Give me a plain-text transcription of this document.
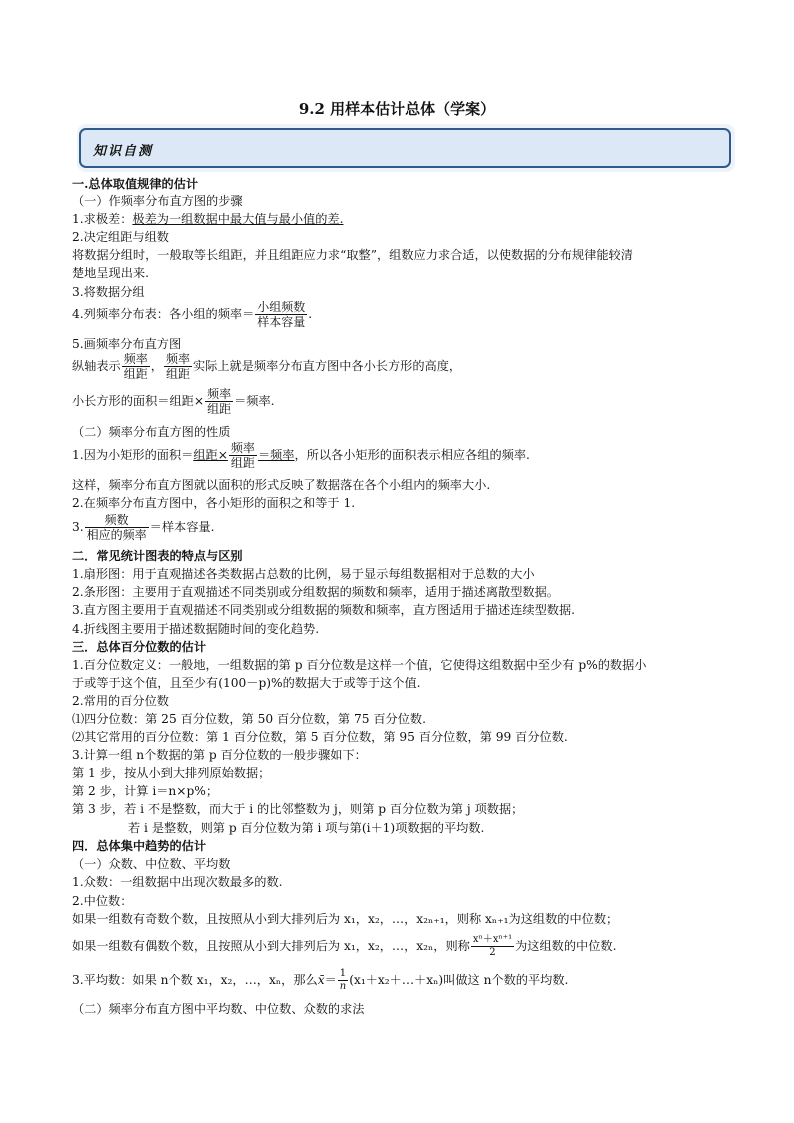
9.2 用样本估计总体（学案）
知识自测
一.总体取值规律的估计
（一）作频率分布直方图的步骤
1.求极差：极差为一组数据中最大值与最小值的差.
2.决定组距与组数
将数据分组时，一般取等长组距，并且组距应力求“取整”，组数应力求合适，以使数据的分布规律能较清
楚地呈现出来.
3.将数据分组
4.列频率分布表：各小组的频率＝ $\frac{\text{小组频数}}{\text{样本容量}}$ .
5.画频率分布直方图
纵轴表示 $\frac{\text{频率}}{\text{组距}}$ ， $\frac{\text{频率}}{\text{组距}}$ 实际上就是频率分布直方图中各小长方形的高度，
小长方形的面积＝组距× $\frac{\text{频率}}{\text{组距}}$ ＝频率.
（二）频率分布直方图的性质
1.因为小矩形的面积＝组距× $\frac{\text{频率}}{\text{组距}}$ ＝频率，所以各小矩形的面积表示相应各组的频率.
这样，频率分布直方图就以面积的形式反映了数据落在各个小组内的频率大小.
2.在频率分布直方图中，各小矩形的面积之和等于 1.
3. $\frac{\text{频数}}{\text{相应的频率}}$ ＝样本容量.
二．常见统计图表的特点与区别
1.扇形图：用于直观描述各类数据占总数的比例，易于显示每组数据相对于总数的大小
2.条形图：主要用于直观描述不同类别或分组数据的频数和频率，适用于描述离散型数据。
3.直方图主要用于直观描述不同类别或分组数据的频数和频率，直方图适用于描述连续型数据.
4.折线图主要用于描述数据随时间的变化趋势.
三．总体百分位数的估计
1.百分位数定义：一般地，一组数据的第 p 百分位数是这样一个值，它使得这组数据中至少有 p%的数据小
于或等于这个值，且至少有(100－p)%的数据大于或等于这个值.
2.常用的百分位数
⑴四分位数：第 25 百分位数，第 50 百分位数，第 75 百分位数.
⑵其它常用的百分位数：第 1 百分位数，第 5 百分位数，第 95 百分位数，第 99 百分位数.
3.计算一组 n个数据的第 p 百分位数的一般步骤如下：
第 1 步，按从小到大排列原始数据；
第 2 步，计算 i＝n×p%；
第 3 步，若 i 不是整数，而大于 i 的比邻整数为 j，则第 p 百分位数为第 j 项数据；
若 i 是整数，则第 p 百分位数为第 i 项与第(i＋1)项数据的平均数.
四．总体集中趋势的估计
（一）众数、中位数、平均数
1.众数：一组数据中出现次数最多的数.
2.中位数：
如果一组数有奇数个数，且按照从小到大排列后为 x₁，x₂，…，x₂ₙ₊₁，则称 xₙ₊₁为这组数的中位数；
如果一组数有偶数个数，且按照从小到大排列后为 x₁，x₂，…，x₂ₙ，则称 $\frac{\text{xⁿ＋xⁿ⁺¹}}{2}$ 为这组数的中位数.
3.平均数：如果 n个数 x₁，x₂，…，xₙ，那么x̄＝ $\frac{1}{n}$ (x₁＋x₂＋…＋xₙ)叫做这 n个数的平均数.
（二）频率分布直方图中平均数、中位数、众数的求法
